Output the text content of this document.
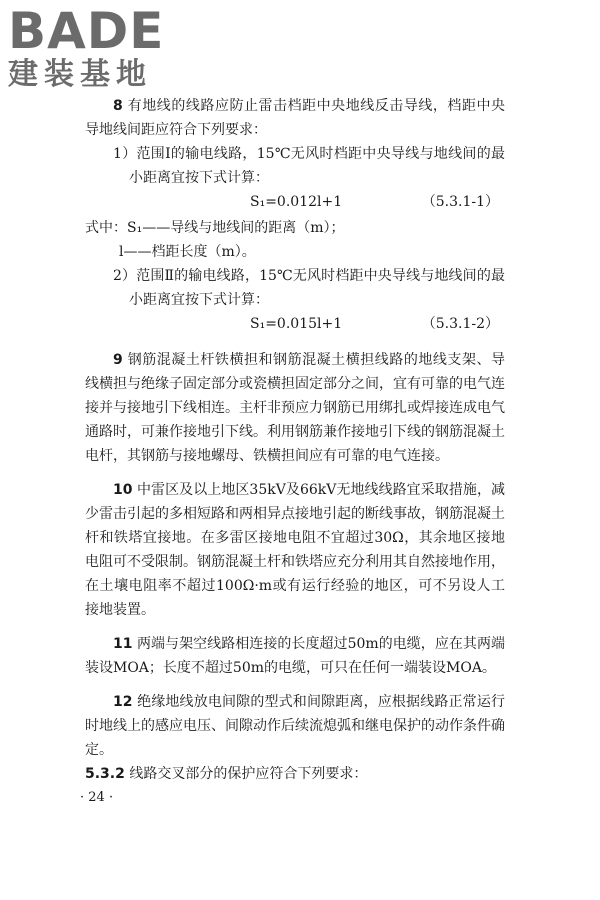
BADE
建装基地

8 有地线的线路应防止雷击档距中央地线反击导线，档距中央导地线间距应符合下列要求：

1）范围Ⅰ的输电线路，15℃无风时档距中央导线与地线间的最小距离宜按下式计算：

S₁=0.012l+1	（5.3.1-1）

式中：S₁——导线与地线间的距离（m）；

l——档距长度（m）。

2）范围Ⅱ的输电线路，15℃无风时档距中央导线与地线间的最小距离宜按下式计算：

S₁=0.015l+1	（5.3.1-2）

9 钢筋混凝土杆铁横担和钢筋混凝土横担线路的地线支架、导线横担与绝缘子固定部分或瓷横担固定部分之间，宜有可靠的电气连接并与接地引下线相连。主杆非预应力钢筋已用绑扎或焊接连成电气通路时，可兼作接地引下线。利用钢筋兼作接地引下线的钢筋混凝土电杆，其钢筋与接地螺母、铁横担间应有可靠的电气连接。

10 中雷区及以上地区35kV及66kV无地线线路宜采取措施，减少雷击引起的多相短路和两相异点接地引起的断线事故，钢筋混凝土杆和铁塔宜接地。在多雷区接地电阻不宜超过30Ω，其余地区接地电阻可不受限制。钢筋混凝土杆和铁塔应充分利用其自然接地作用，在土壤电阻率不超过100Ω·m或有运行经验的地区，可不另设人工接地装置。

11 两端与架空线路相连接的长度超过50m的电缆，应在其两端装设MOA；长度不超过50m的电缆，可只在任何一端装设MOA。

12 绝缘地线放电间隙的型式和间隙距离，应根据线路正常运行时地线上的感应电压、间隙动作后续流熄弧和继电保护的动作条件确定。

5.3.2 线路交叉部分的保护应符合下列要求：

· 24 ·
